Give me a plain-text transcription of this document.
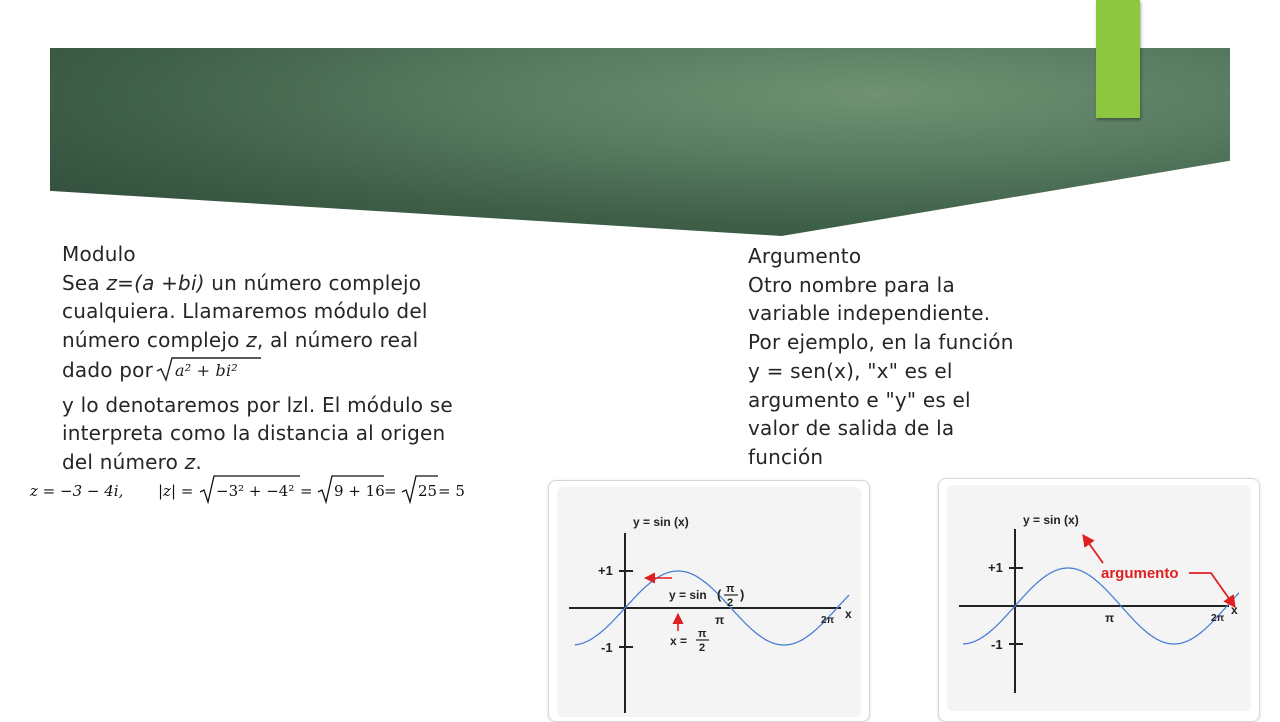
Modulo
Sea z=(a +bi) un número complejo
cualquiera. Llamaremos módulo del
número complejo z, al número real
dado por a² + bi²
y lo denotaremos por lzl. El módulo se
interpreta como la distancia al origen
del número z.
z = −3 − 4i, |z| = −3² + −4² = 9 + 16 = 25 = 5
Argumento
Otro nombre para la
variable independiente.
Por ejemplo, en la función
y = sen(x), "x" es el
argumento e "y" es el
valor de salida de la
función
y = sin (x)
+1
-1
x
π	2π
y = sin ( π
2
)
x = π
2
y = sin (x)
+1
-1
x
π	2π
argumento
